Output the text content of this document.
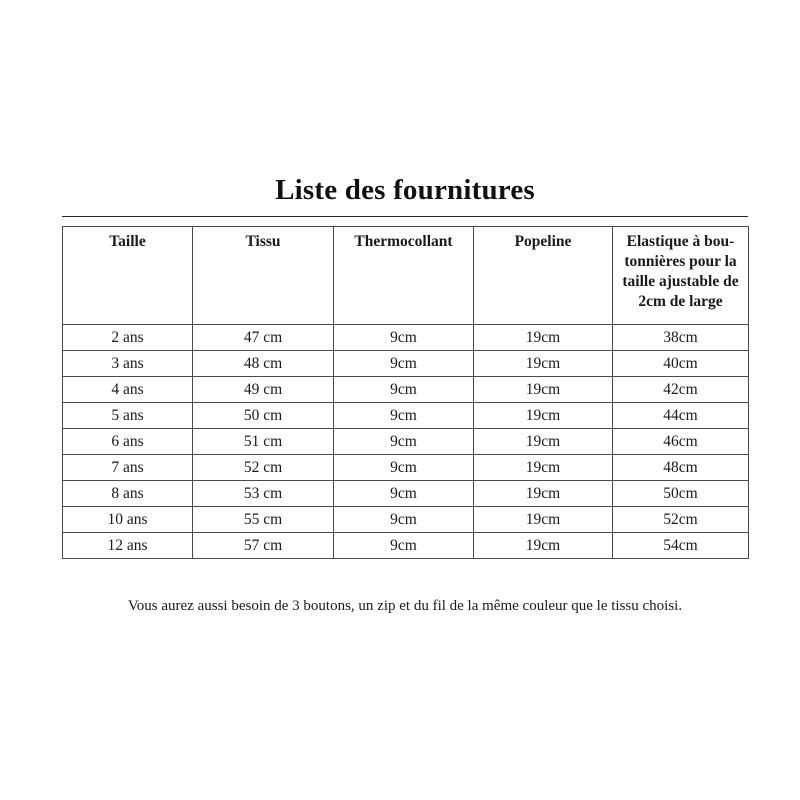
Liste des fournitures
Taille	Tissu	Thermocollant	Popeline	Elastique à boutonnières pour la taille ajustable de 2cm de large
2 ans	47 cm	9cm	19cm	38cm
3 ans	48 cm	9cm	19cm	40cm
4 ans	49 cm	9cm	19cm	42cm
5 ans	50 cm	9cm	19cm	44cm
6 ans	51 cm	9cm	19cm	46cm
7 ans	52 cm	9cm	19cm	48cm
8 ans	53 cm	9cm	19cm	50cm
10 ans	55 cm	9cm	19cm	52cm
12 ans	57 cm	9cm	19cm	54cm

Vous aurez aussi besoin de 3 boutons, un zip et du fil de la même couleur que le tissu choisi.
